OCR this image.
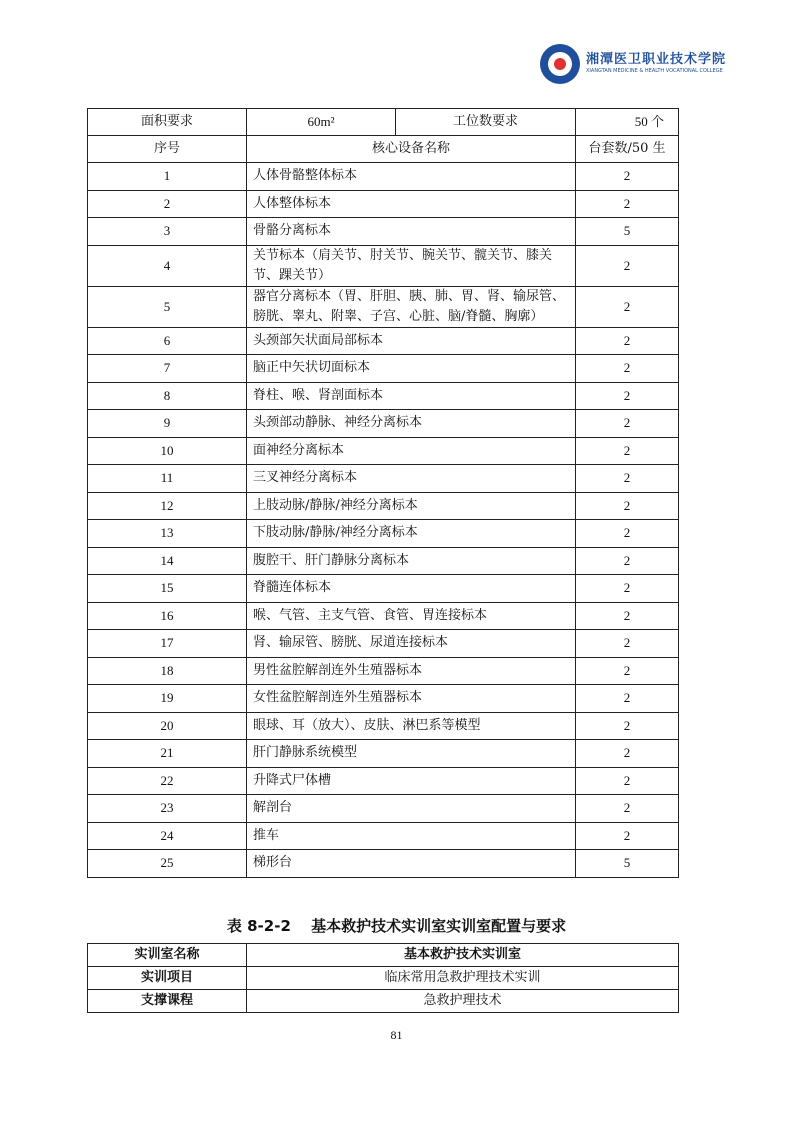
湘潭医卫职业技术学院
XIANGTAN MEDICINE & HEALTH VOCATIONAL COLLEGE
面积要求	60m²	工位数要求	50 个
序号	核心设备名称		台套数/50 生
1	人体骨骼整体标本		2
2	人体整体标本		2
3	骨骼分离标本		5
4	关节标本（肩关节、肘关节、腕关节、髋关节、膝关节、踝关节）		2
5	器官分离标本（胃、肝胆、胰、肺、胃、肾、输尿管、膀胱、睾丸、附睾、子宫、心脏、脑/脊髓、胸廓）		2
6	头颈部矢状面局部标本		2
7	脑正中矢状切面标本		2
8	脊柱、喉、肾剖面标本		2
9	头颈部动静脉、神经分离标本		2
10	面神经分离标本		2
11	三叉神经分离标本		2
12	上肢动脉/静脉/神经分离标本		2
13	下肢动脉/静脉/神经分离标本		2
14	腹腔干、肝门静脉分离标本		2
15	脊髓连体标本		2
16	喉、气管、主支气管、食管、胃连接标本		2
17	肾、输尿管、膀胱、尿道连接标本		2
18	男性盆腔解剖连外生殖器标本		2
19	女性盆腔解剖连外生殖器标本		2
20	眼球、耳（放大）、皮肤、淋巴系等模型		2
21	肝门静脉系统模型		2
22	升降式尸体槽		2
23	解剖台		2
24	推车		2
25	梯形台		5
表 8-2-2　 基本救护技术实训室实训室配置与要求
实训室名称	基本救护技术实训室
实训项目	临床常用急救护理技术实训
支撑课程	急救护理技术
81
